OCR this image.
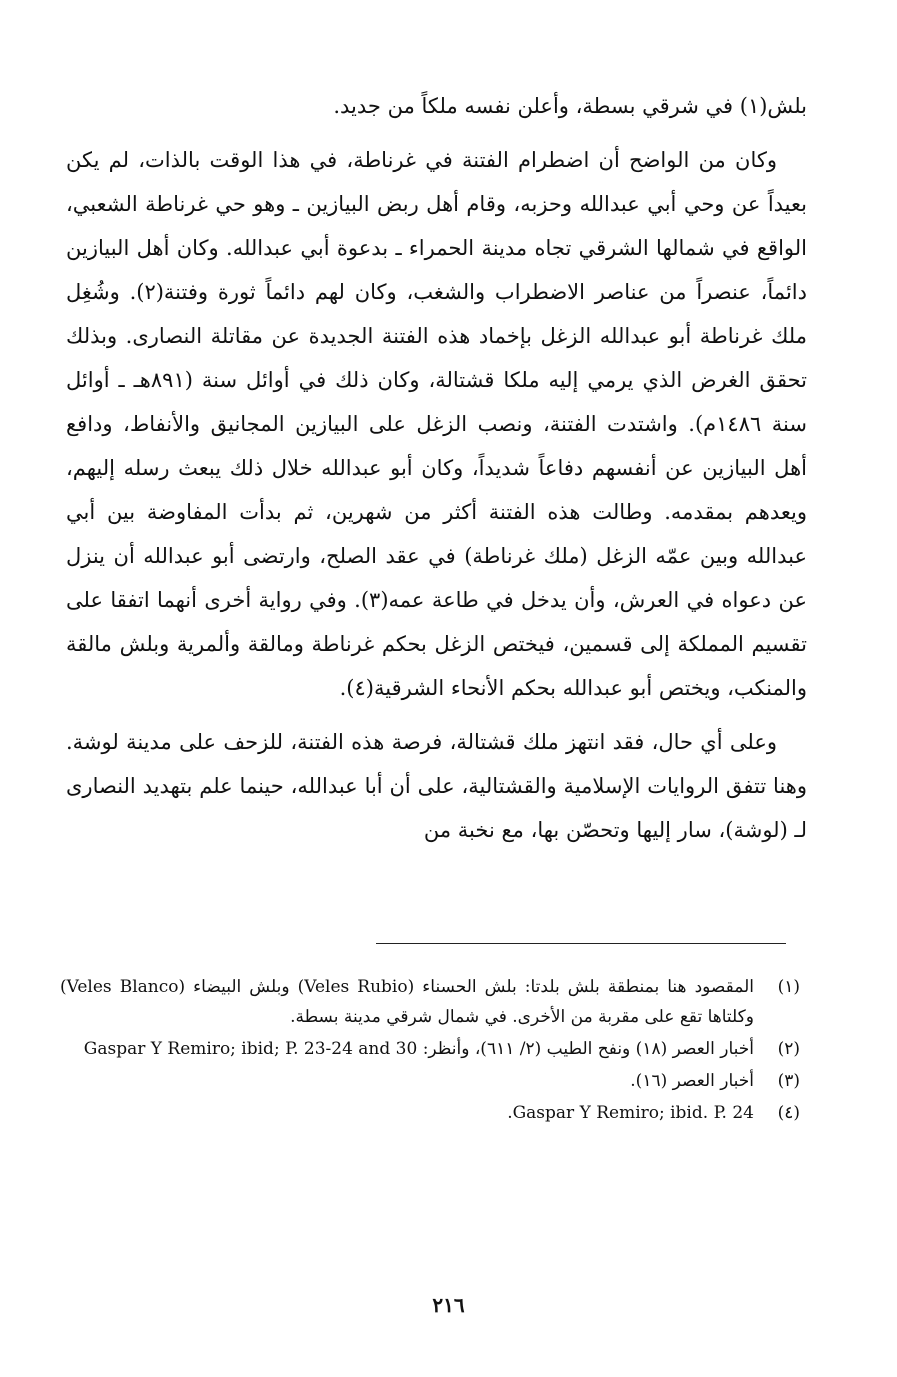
بلش(١) في شرقي بسطة، وأعلن نفسه ملكاً من جديد.

وكان من الواضح أن اضطرام الفتنة في غرناطة، في هذا الوقت بالذات، لم يكن بعيداً عن وحي أبي عبدالله وحزبه، وقام أهل ربض البيازين ـ وهو حي غرناطة الشعبي، الواقع في شمالها الشرقي تجاه مدينة الحمراء ـ بدعوة أبي عبدالله. وكان أهل البيازين دائماً، عنصراً من عناصر الاضطراب والشغب، وكان لهم دائماً ثورة وفتنة(٢). وشُغِل ملك غرناطة أبو عبدالله الزغل بإخماد هذه الفتنة الجديدة عن مقاتلة النصارى. وبذلك تحقق الغرض الذي يرمي إليه ملكا قشتالة، وكان ذلك في أوائل سنة (٨٩١هـ ـ أوائل سنة ١٤٨٦م). واشتدت الفتنة، ونصب الزغل على البيازين المجانيق والأنفاط، ودافع أهل البيازين عن أنفسهم دفاعاً شديداً، وكان أبو عبدالله خلال ذلك يبعث رسله إليهم، ويعدهم بمقدمه. وطالت هذه الفتنة أكثر من شهرين، ثم بدأت المفاوضة بين أبي عبدالله وبين عمّه الزغل (ملك غرناطة) في عقد الصلح، وارتضى أبو عبدالله أن ينزل عن دعواه في العرش، وأن يدخل في طاعة عمه(٣). وفي رواية أخرى أنهما اتفقا على تقسيم المملكة إلى قسمين، فيختص الزغل بحكم غرناطة ومالقة وألمرية وبلش مالقة والمنكب، ويختص أبو عبدالله بحكم الأنحاء الشرقية(٤).

وعلى أي حال، فقد انتهز ملك قشتالة، فرصة هذه الفتنة، للزحف على مدينة لوشة. وهنا تتفق الروايات الإسلامية والقشتالية، على أن أبا عبدالله، حينما علم بتهديد النصارى لـ (لوشة)، سار إليها وتحصّن بها، مع نخبة من

(١)
المقصود هنا بمنطقة بلش بلدتا: بلش الحسناء (Veles Rubio) وبلش البيضاء (Veles Blanco) وكلتاها تقع على مقربة من الأخرى. في شمال شرقي مدينة بسطة.
(٢)
أخبار العصر (١٨) ونفح الطيب (٢/ ٦١١)، وأنظر: Gaspar Y Remiro; ibid; P. 23-24 and 30
(٣)
أخبار العصر (١٦).
(٤)
Gaspar Y Remiro; ibid. P. 24.
٢١٦
